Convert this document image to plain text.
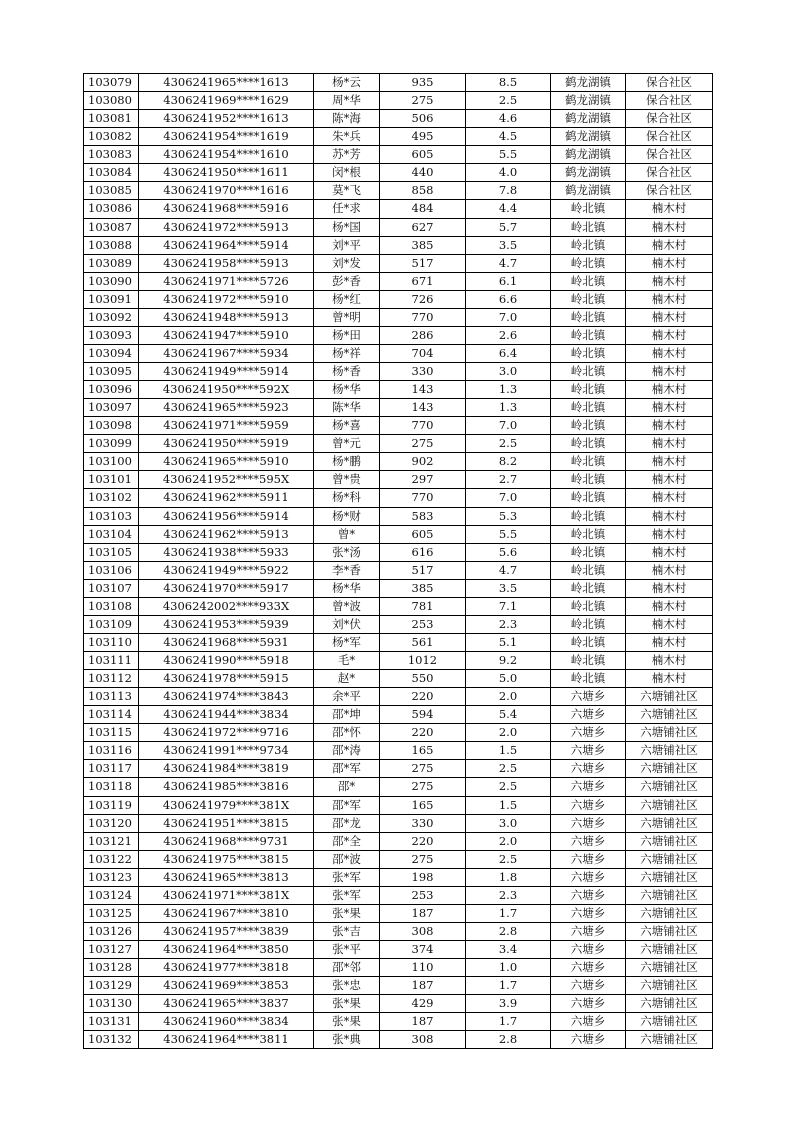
103079	4306241965****1613	杨*云	935	8.5	鹤龙湖镇	保合社区
103080	4306241969****1629	周*华	275	2.5	鹤龙湖镇	保合社区
103081	4306241952****1613	陈*海	506	4.6	鹤龙湖镇	保合社区
103082	4306241954****1619	朱*兵	495	4.5	鹤龙湖镇	保合社区
103083	4306241954****1610	苏*芳	605	5.5	鹤龙湖镇	保合社区
103084	4306241950****1611	闵*根	440	4.0	鹤龙湖镇	保合社区
103085	4306241970****1616	莫*飞	858	7.8	鹤龙湖镇	保合社区
103086	4306241968****5916	任*求	484	4.4	岭北镇	楠木村
103087	4306241972****5913	杨*国	627	5.7	岭北镇	楠木村
103088	4306241964****5914	刘*平	385	3.5	岭北镇	楠木村
103089	4306241958****5913	刘*发	517	4.7	岭北镇	楠木村
103090	4306241971****5726	彭*香	671	6.1	岭北镇	楠木村
103091	4306241972****5910	杨*红	726	6.6	岭北镇	楠木村
103092	4306241948****5913	曾*明	770	7.0	岭北镇	楠木村
103093	4306241947****5910	杨*田	286	2.6	岭北镇	楠木村
103094	4306241967****5934	杨*祥	704	6.4	岭北镇	楠木村
103095	4306241949****5914	杨*香	330	3.0	岭北镇	楠木村
103096	4306241950****592X	杨*华	143	1.3	岭北镇	楠木村
103097	4306241965****5923	陈*华	143	1.3	岭北镇	楠木村
103098	4306241971****5959	杨*喜	770	7.0	岭北镇	楠木村
103099	4306241950****5919	曾*元	275	2.5	岭北镇	楠木村
103100	4306241965****5910	杨*鹏	902	8.2	岭北镇	楠木村
103101	4306241952****595X	曾*贵	297	2.7	岭北镇	楠木村
103102	4306241962****5911	杨*科	770	7.0	岭北镇	楠木村
103103	4306241956****5914	杨*财	583	5.3	岭北镇	楠木村
103104	4306241962****5913	曾*	605	5.5	岭北镇	楠木村
103105	4306241938****5933	张*汤	616	5.6	岭北镇	楠木村
103106	4306241949****5922	李*香	517	4.7	岭北镇	楠木村
103107	4306241970****5917	杨*华	385	3.5	岭北镇	楠木村
103108	4306242002****933X	曾*波	781	7.1	岭北镇	楠木村
103109	4306241953****5939	刘*伏	253	2.3	岭北镇	楠木村
103110	4306241968****5931	杨*军	561	5.1	岭北镇	楠木村
103111	4306241990****5918	毛*	1012	9.2	岭北镇	楠木村
103112	4306241978****5915	赵*	550	5.0	岭北镇	楠木村
103113	4306241974****3843	余*平	220	2.0	六塘乡	六塘铺社区
103114	4306241944****3834	邵*坤	594	5.4	六塘乡	六塘铺社区
103115	4306241972****9716	邵*怀	220	2.0	六塘乡	六塘铺社区
103116	4306241991****9734	邵*涛	165	1.5	六塘乡	六塘铺社区
103117	4306241984****3819	邵*军	275	2.5	六塘乡	六塘铺社区
103118	4306241985****3816	邵*	275	2.5	六塘乡	六塘铺社区
103119	4306241979****381X	邵*军	165	1.5	六塘乡	六塘铺社区
103120	4306241951****3815	邵*龙	330	3.0	六塘乡	六塘铺社区
103121	4306241968****9731	邵*全	220	2.0	六塘乡	六塘铺社区
103122	4306241975****3815	邵*波	275	2.5	六塘乡	六塘铺社区
103123	4306241965****3813	张*军	198	1.8	六塘乡	六塘铺社区
103124	4306241971****381X	张*军	253	2.3	六塘乡	六塘铺社区
103125	4306241967****3810	张*果	187	1.7	六塘乡	六塘铺社区
103126	4306241957****3839	张*吉	308	2.8	六塘乡	六塘铺社区
103127	4306241964****3850	张*平	374	3.4	六塘乡	六塘铺社区
103128	4306241977****3818	邵*邻	110	1.0	六塘乡	六塘铺社区
103129	4306241969****3853	张*忠	187	1.7	六塘乡	六塘铺社区
103130	4306241965****3837	张*果	429	3.9	六塘乡	六塘铺社区
103131	4306241960****3834	张*果	187	1.7	六塘乡	六塘铺社区
103132	4306241964****3811	张*典	308	2.8	六塘乡	六塘铺社区
